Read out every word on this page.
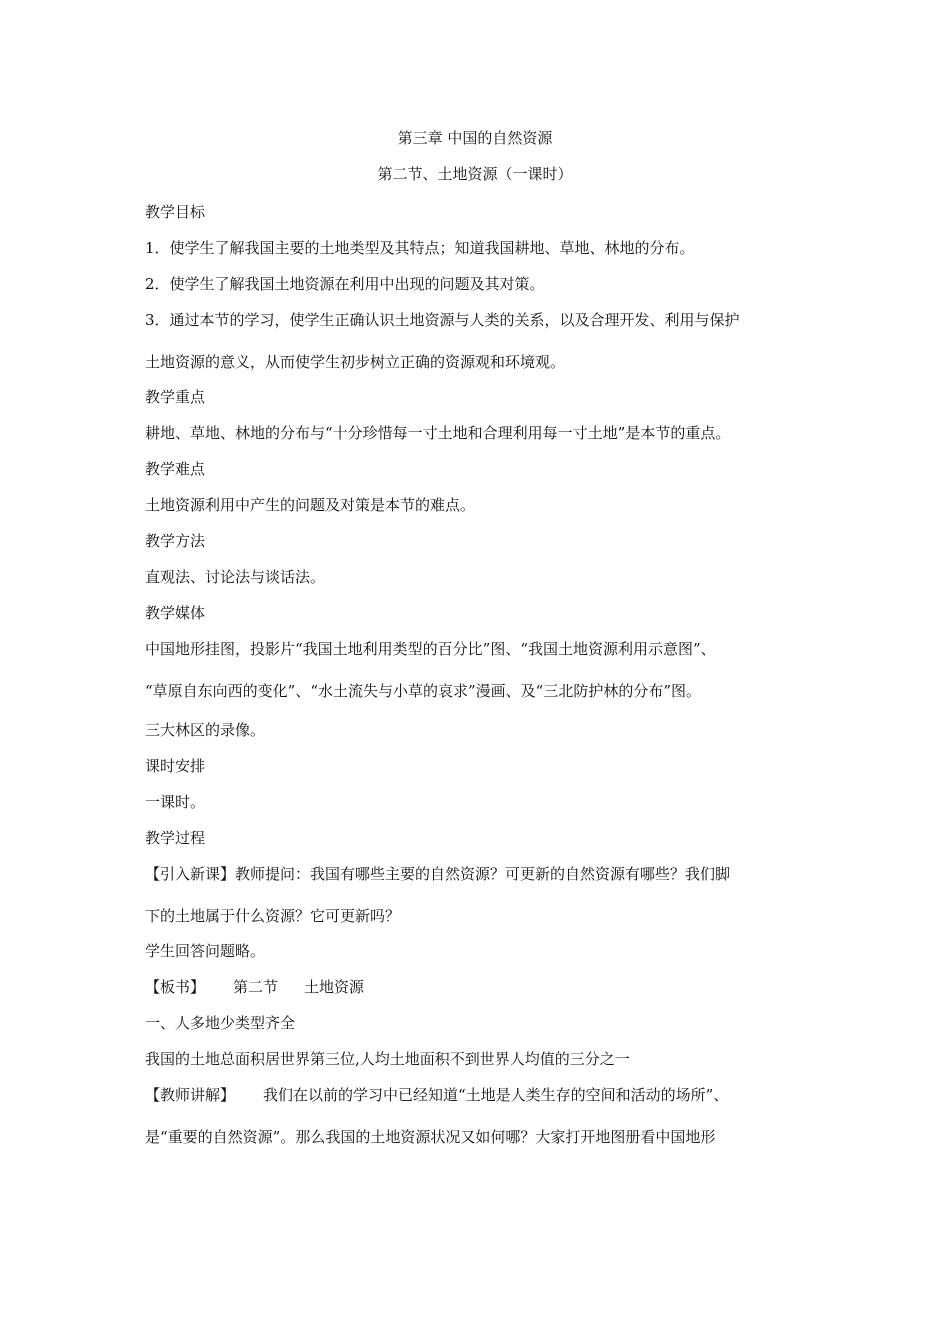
第三章 中国的自然资源
第二节、土地资源（一课时）
教学目标
1．使学生了解我国主要的土地类型及其特点；知道我国耕地、草地、林地的分布。
2．使学生了解我国土地资源在利用中出现的问题及其对策。
3．通过本节的学习，使学生正确认识土地资源与人类的关系，以及合理开发、利用与保护
土地资源的意义，从而使学生初步树立正确的资源观和环境观。
教学重点
耕地、草地、林地的分布与“十分珍惜每一寸土地和合理利用每一寸土地”是本节的重点。
教学难点
土地资源利用中产生的问题及对策是本节的难点。
教学方法
直观法、讨论法与谈话法。
教学媒体
中国地形挂图，投影片“我国土地利用类型的百分比”图、“我国土地资源利用示意图”、
“草原自东向西的变化”、“水土流失与小草的哀求”漫画、及“三北防护林的分布”图。
三大林区的录像。
课时安排
一课时。
教学过程
【引入新课】教师提问：我国有哪些主要的自然资源？可更新的自然资源有哪些？我们脚
下的土地属于什么资源？它可更新吗？
学生回答问题略。
【板书】 第二节 土地资源
一、人多地少类型齐全
我国的土地总面积居世界第三位,人均土地面积不到世界人均值的三分之一
【教师讲解】 我们在以前的学习中已经知道“土地是人类生存的空间和活动的场所”、
是“重要的自然资源”。那么我国的土地资源状况又如何哪？大家打开地图册看中国地形
